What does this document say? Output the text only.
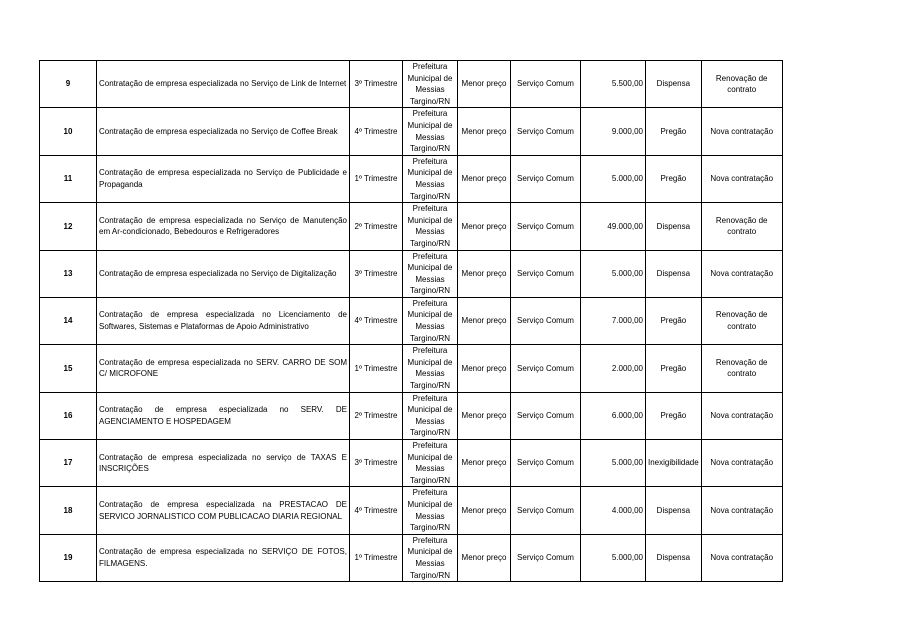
9	Contratação de empresa especializada no Serviço de Link de Internet	3º Trimestre	Prefeitura Municipal de Messias Targino/RN	Menor preço	Serviço Comum	5.500,00	Dispensa	Renovação de contrato
10	Contratação de empresa especializada no Serviço de Coffee Break	4º Trimestre	Prefeitura Municipal de Messias Targino/RN	Menor preço	Serviço Comum	9.000,00	Pregão	Nova contratação
11	Contratação de empresa especializada no Serviço de Publicidade e Propaganda	1º Trimestre	Prefeitura Municipal de Messias Targino/RN	Menor preço	Serviço Comum	5.000,00	Pregão	Nova contratação
12	Contratação de empresa especializada no Serviço de Manutenção em Ar-condicionado, Bebedouros e Refrigeradores	2º Trimestre	Prefeitura Municipal de Messias Targino/RN	Menor preço	Serviço Comum	49.000,00	Dispensa	Renovação de contrato
13	Contratação de empresa especializada no Serviço de Digitalização	3º Trimestre	Prefeitura Municipal de Messias Targino/RN	Menor preço	Serviço Comum	5.000,00	Dispensa	Nova contratação
14	Contratação de empresa especializada no Licenciamento de Softwares, Sistemas e Plataformas de Apoio Administrativo	4º Trimestre	Prefeitura Municipal de Messias Targino/RN	Menor preço	Serviço Comum	7.000,00	Pregão	Renovação de contrato
15	Contratação de empresa especializada no SERV. CARRO DE SOM C/ MICROFONE	1º Trimestre	Prefeitura Municipal de Messias Targino/RN	Menor preço	Serviço Comum	2.000,00	Pregão	Renovação de contrato
16	Contratação de empresa especializada no SERV. DE AGENCIAMENTO E HOSPEDAGEM	2º Trimestre	Prefeitura Municipal de Messias Targino/RN	Menor preço	Serviço Comum	6.000,00	Pregão	Nova contratação
17	Contratação de empresa especializada no serviço de TAXAS E INSCRIÇÕES	3º Trimestre	Prefeitura Municipal de Messias Targino/RN	Menor preço	Serviço Comum	5.000,00	Inexigibilidade	Nova contratação
18	Contratação de empresa especializada na PRESTACAO DE SERVICO JORNALISTICO COM PUBLICACAO DIARIA REGIONAL	4º Trimestre	Prefeitura Municipal de Messias Targino/RN	Menor preço	Serviço Comum	4.000,00	Dispensa	Nova contratação
19	Contratação de empresa especializada no SERVIÇO DE FOTOS, FILMAGENS.	1º Trimestre	Prefeitura Municipal de Messias Targino/RN	Menor preço	Serviço Comum	5.000,00	Dispensa	Nova contratação
